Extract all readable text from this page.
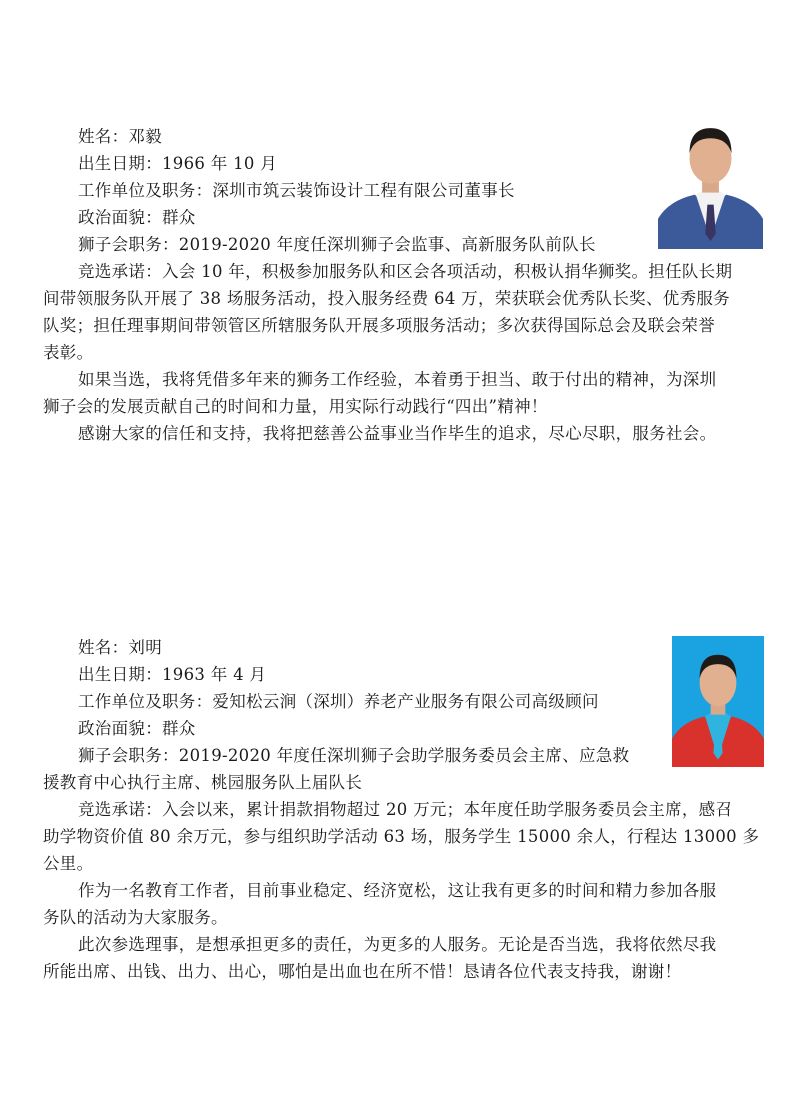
姓名：邓毅
出生日期：1966 年 10 月
工作单位及职务：深圳市筑云装饰设计工程有限公司董事长
政治面貌：群众
狮子会职务：2019-2020 年度任深圳狮子会监事、高新服务队前队长
竞选承诺：入会 10 年，积极参加服务队和区会各项活动，积极认捐华狮奖。担任队长期
间带领服务队开展了 38 场服务活动，投入服务经费 64 万，荣获联会优秀队长奖、优秀服务
队奖；担任理事期间带领管区所辖服务队开展多项服务活动；多次获得国际总会及联会荣誉
表彰。
如果当选，我将凭借多年来的狮务工作经验，本着勇于担当、敢于付出的精神，为深圳
狮子会的发展贡献自己的时间和力量，用实际行动践行“四出”精神！
感谢大家的信任和支持，我将把慈善公益事业当作毕生的追求，尽心尽职，服务社会。
姓名：刘明
出生日期：1963 年 4 月
工作单位及职务：爱知松云涧（深圳）养老产业服务有限公司高级顾问
政治面貌：群众
狮子会职务：2019-2020 年度任深圳狮子会助学服务委员会主席、应急救
援教育中心执行主席、桃园服务队上届队长
竞选承诺：入会以来，累计捐款捐物超过 20 万元；本年度任助学服务委员会主席，感召
助学物资价值 80 余万元，参与组织助学活动 63 场，服务学生 15000 余人，行程达 13000 多
公里。
作为一名教育工作者，目前事业稳定、经济宽松，这让我有更多的时间和精力参加各服
务队的活动为大家服务。
此次参选理事，是想承担更多的责任，为更多的人服务。无论是否当选，我将依然尽我
所能出席、出钱、出力、出心，哪怕是出血也在所不惜！恳请各位代表支持我，谢谢！
